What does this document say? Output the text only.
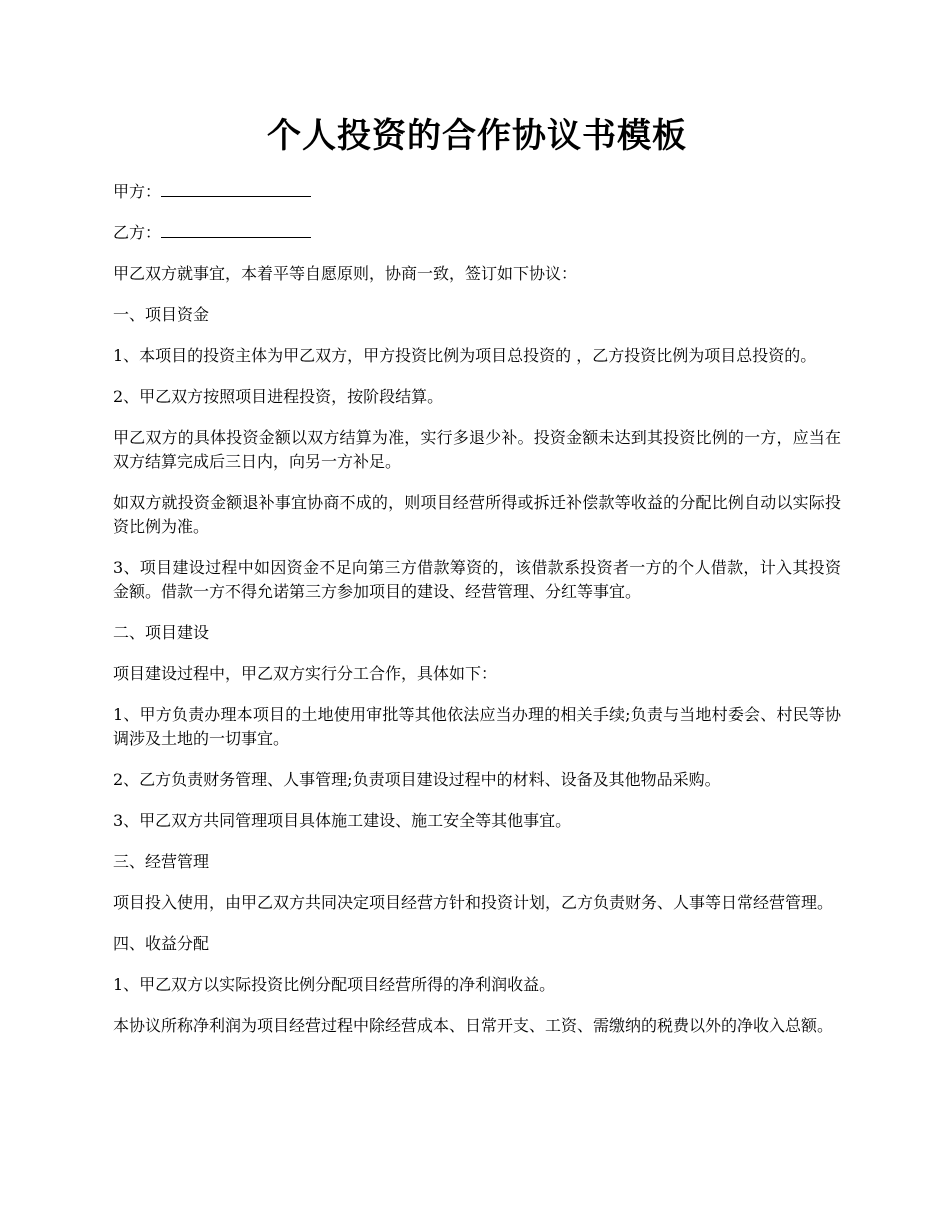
个人投资的合作协议书模板

甲方：

乙方：

甲乙双方就事宜，本着平等自愿原则，协商一致，签订如下协议：

一、项目资金

1、本项目的投资主体为甲乙双方，甲方投资比例为项目总投资的 ，乙方投资比例为项目总投资的。

2、甲乙双方按照项目进程投资，按阶段结算。

甲乙双方的具体投资金额以双方结算为准，实行多退少补。投资金额未达到其投资比例的一方，应当在双方结算完成后三日内，向另一方补足。

如双方就投资金额退补事宜协商不成的，则项目经营所得或拆迁补偿款等收益的分配比例自动以实际投资比例为准。

3、项目建设过程中如因资金不足向第三方借款筹资的，该借款系投资者一方的个人借款，计入其投资金额。借款一方不得允诺第三方参加项目的建设、经营管理、分红等事宜。

二、项目建设

项目建设过程中，甲乙双方实行分工合作，具体如下：

1、甲方负责办理本项目的土地使用审批等其他依法应当办理的相关手续;负责与当地村委会、村民等协调涉及土地的一切事宜。

2、乙方负责财务管理、人事管理;负责项目建设过程中的材料、设备及其他物品采购。

3、甲乙双方共同管理项目具体施工建设、施工安全等其他事宜。

三、经营管理

项目投入使用，由甲乙双方共同决定项目经营方针和投资计划，乙方负责财务、人事等日常经营管理。

四、收益分配

1、甲乙双方以实际投资比例分配项目经营所得的净利润收益。

本协议所称净利润为项目经营过程中除经营成本、日常开支、工资、需缴纳的税费以外的净收入总额。
